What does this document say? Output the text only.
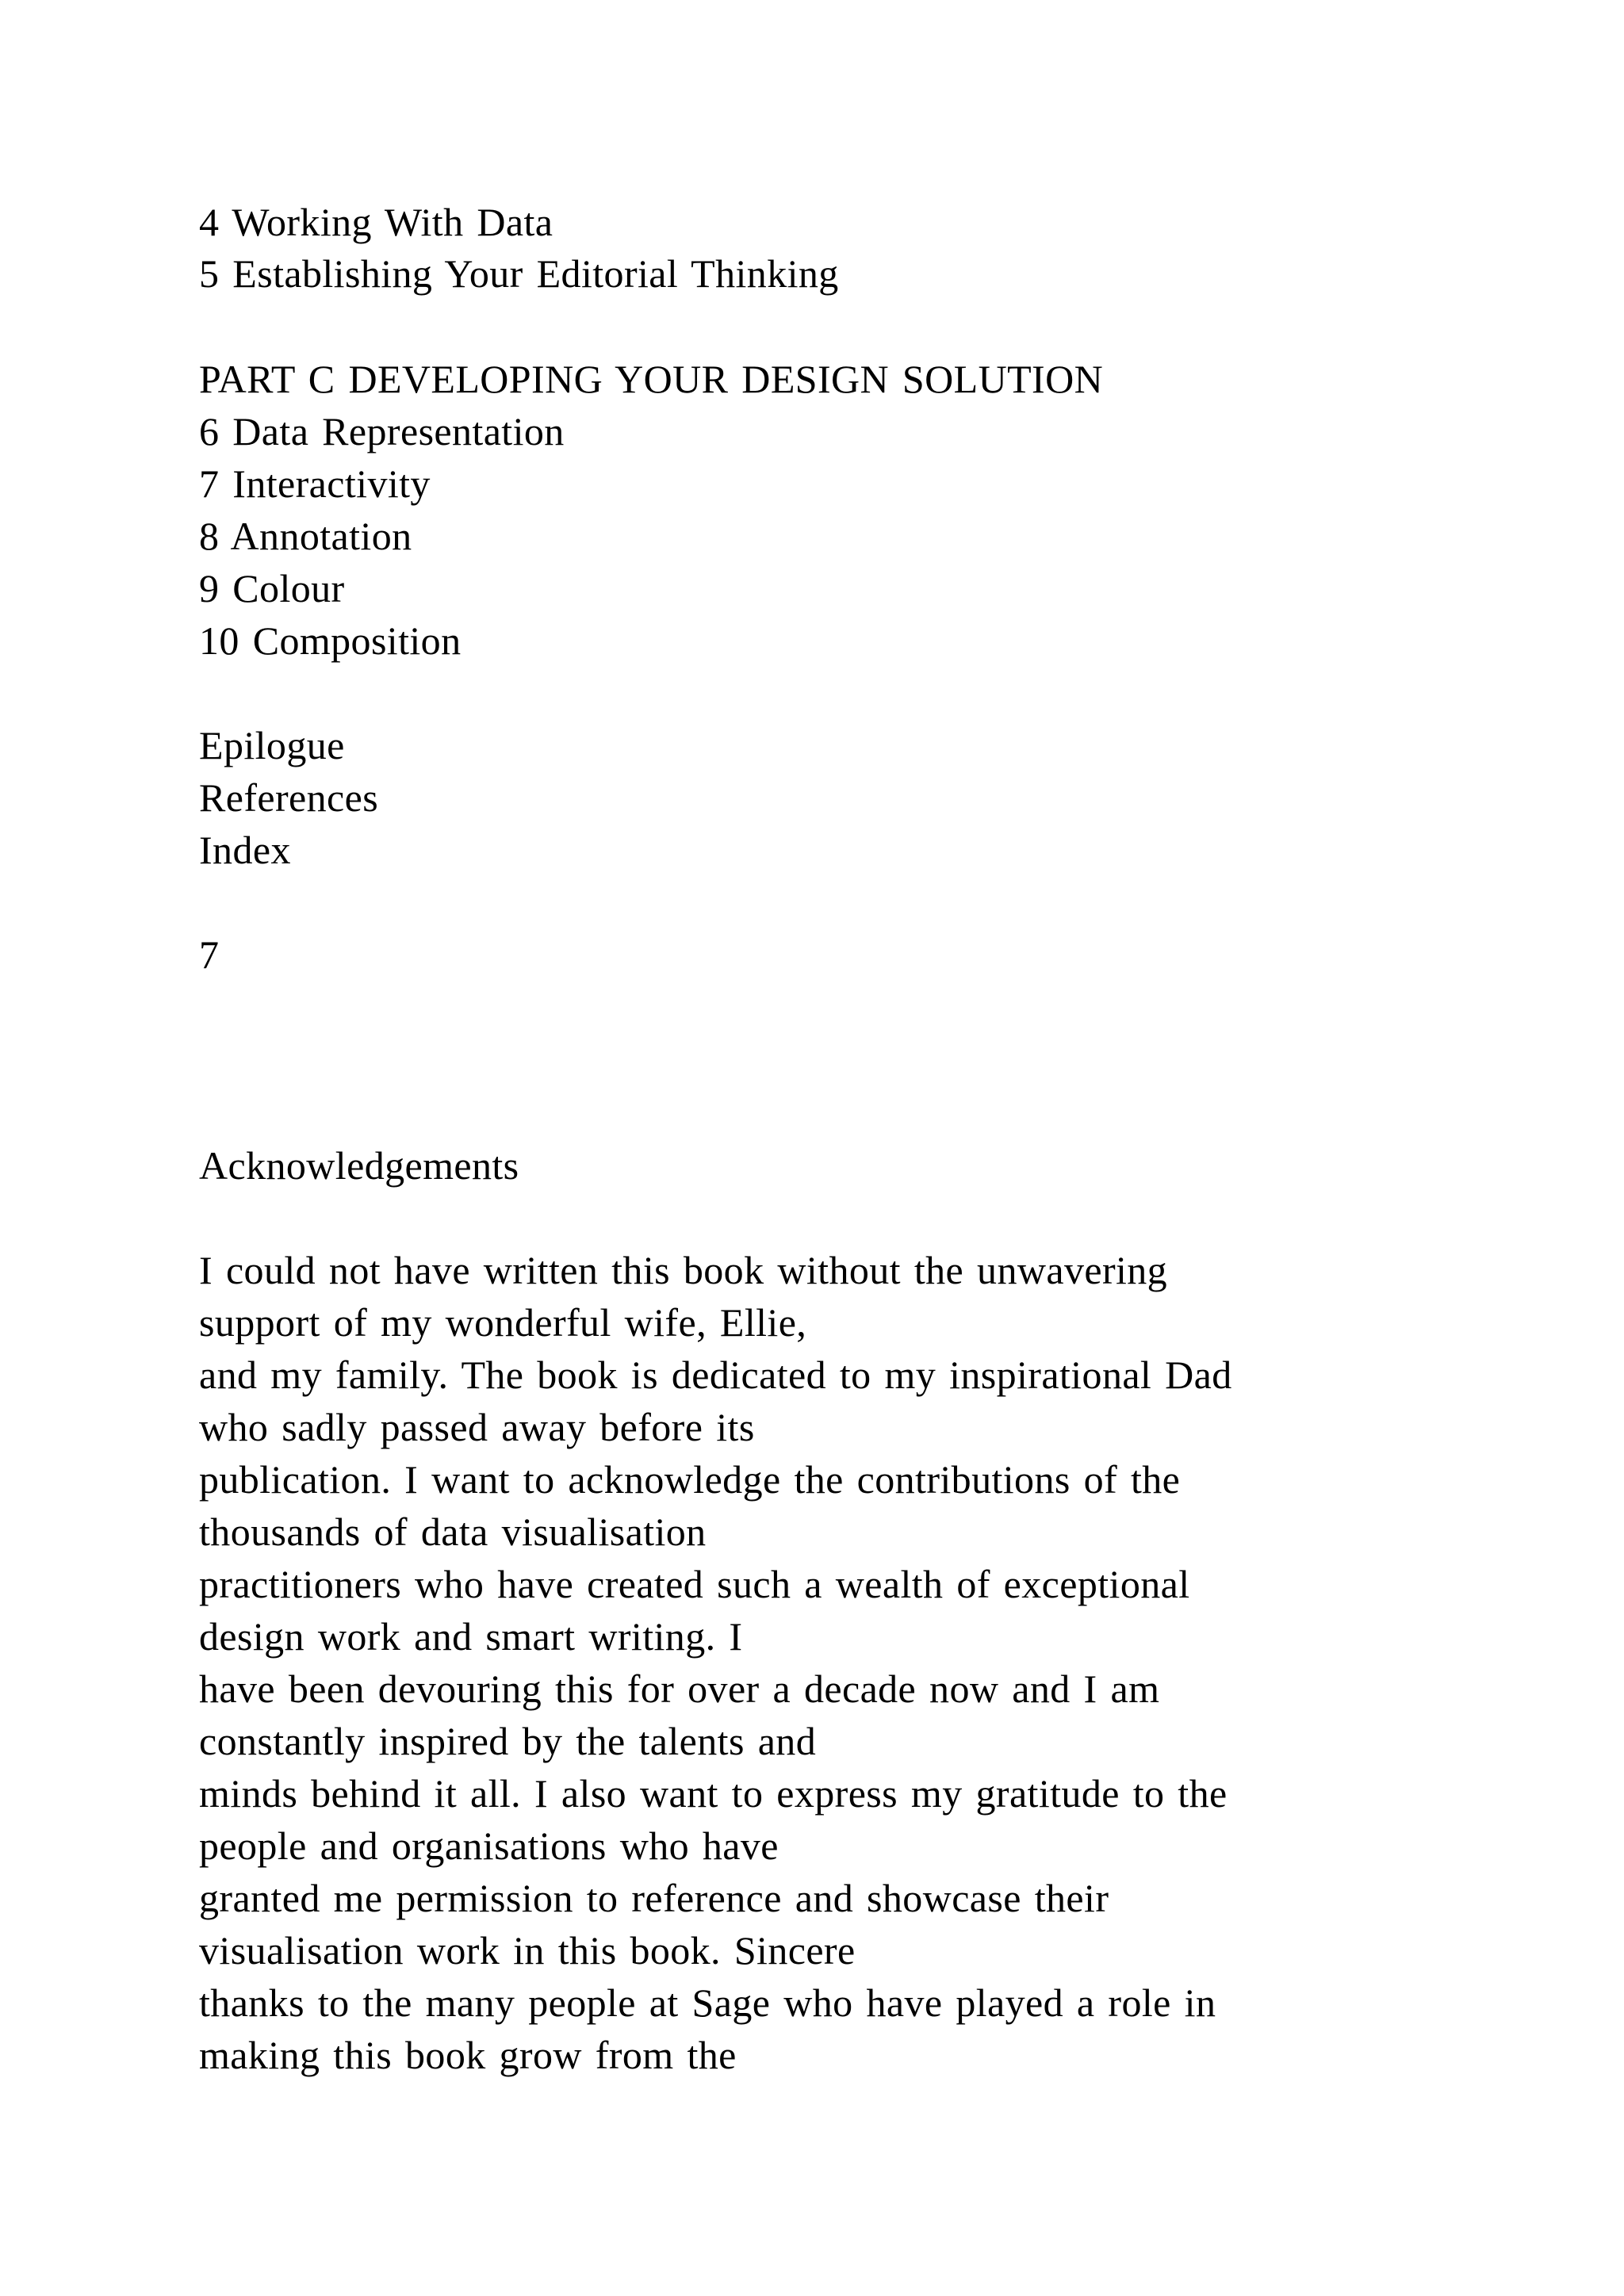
4 Working With Data
5 Establishing Your Editorial Thinking
PART C DEVELOPING YOUR DESIGN SOLUTION
6 Data Representation
7 Interactivity
8 Annotation
9 Colour
10 Composition
Epilogue
References
Index
7
Acknowledgements
I could not have written this book without the unwavering
support of my wonderful wife, Ellie,
and my family. The book is dedicated to my inspirational Dad
who sadly passed away before its
publication. I want to acknowledge the contributions of the
thousands of data visualisation
practitioners who have created such a wealth of exceptional
design work and smart writing. I
have been devouring this for over a decade now and I am
constantly inspired by the talents and
minds behind it all. I also want to express my gratitude to the
people and organisations who have
granted me permission to reference and showcase their
visualisation work in this book. Sincere
thanks to the many people at Sage who have played a role in
making this book grow from the
